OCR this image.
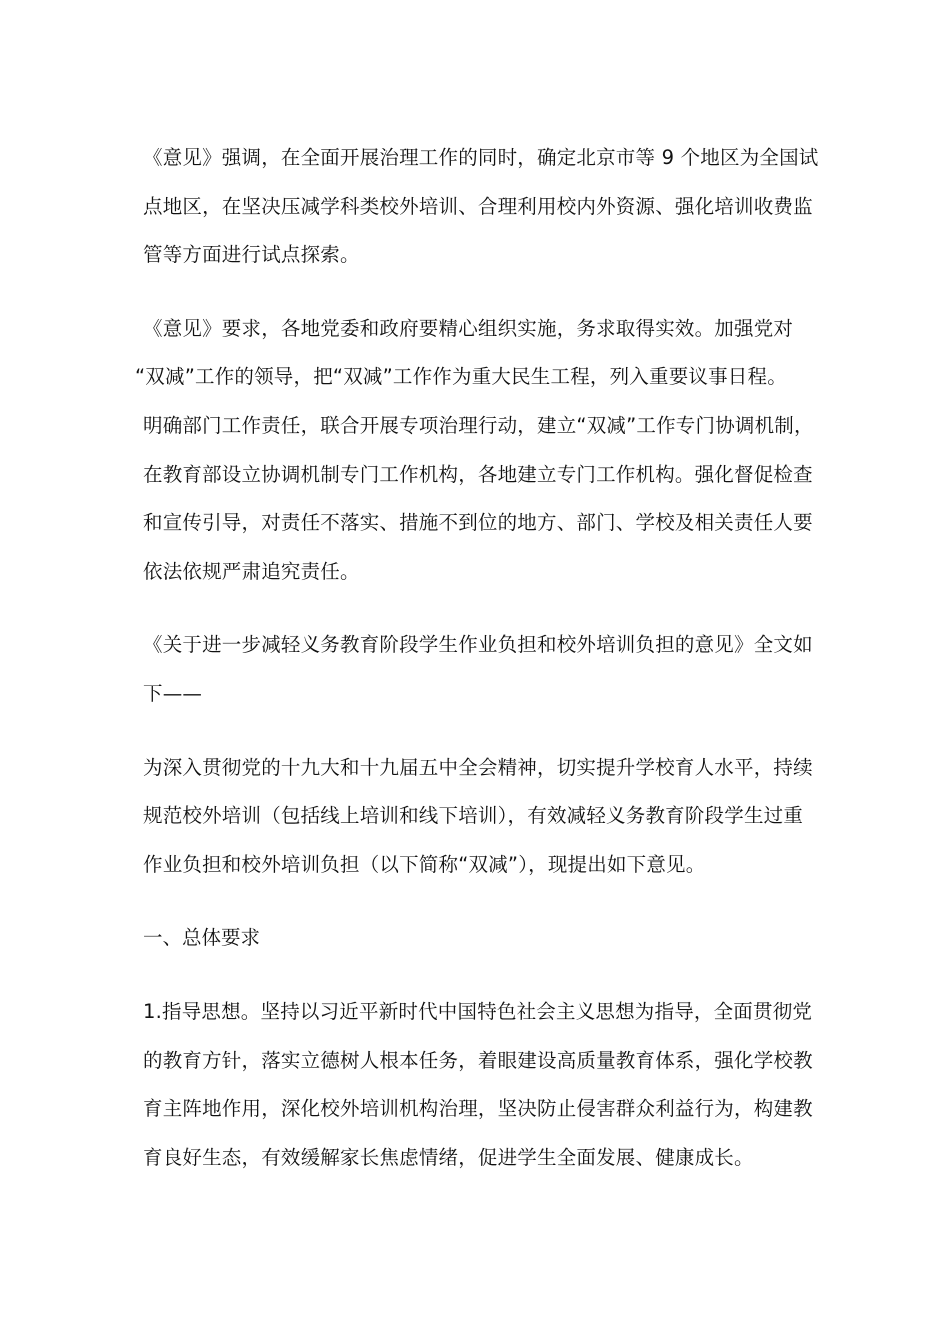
《意见》强调，在全面开展治理工作的同时，确定北京市等 9 个地区为全国试
点地区，在坚决压减学科类校外培训、合理利用校内外资源、强化培训收费监
管等方面进行试点探索。

《意见》要求，各地党委和政府要精心组织实施，务求取得实效。加强党对
“双减”工作的领导，把“双减”工作作为重大民生工程，列入重要议事日程。
明确部门工作责任，联合开展专项治理行动，建立“双减”工作专门协调机制，
在教育部设立协调机制专门工作机构，各地建立专门工作机构。强化督促检查
和宣传引导，对责任不落实、措施不到位的地方、部门、学校及相关责任人要
依法依规严肃追究责任。

《关于进一步减轻义务教育阶段学生作业负担和校外培训负担的意见》全文如
下——

为深入贯彻党的十九大和十九届五中全会精神，切实提升学校育人水平，持续
规范校外培训（包括线上培训和线下培训），有效减轻义务教育阶段学生过重
作业负担和校外培训负担（以下简称“双减”），现提出如下意见。

一、总体要求

1.指导思想。坚持以习近平新时代中国特色社会主义思想为指导，全面贯彻党
的教育方针，落实立德树人根本任务，着眼建设高质量教育体系，强化学校教
育主阵地作用，深化校外培训机构治理，坚决防止侵害群众利益行为，构建教
育良好生态，有效缓解家长焦虑情绪，促进学生全面发展、健康成长。
